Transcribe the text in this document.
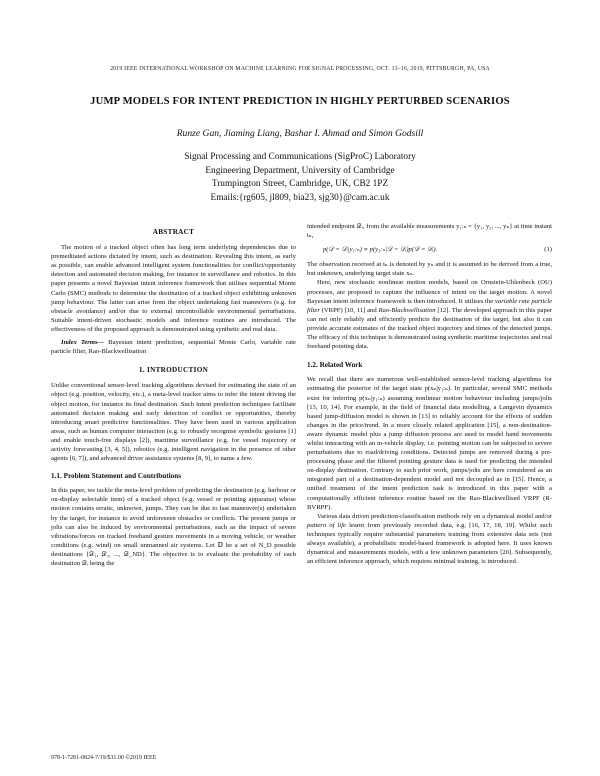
2019 IEEE INTERNATIONAL WORKSHOP ON MACHINE LEARNING FOR SIGNAL PROCESSING, OCT. 13–16, 2019, PITTSBURGH, PA, USA
JUMP MODELS FOR INTENT PREDICTION IN HIGHLY PERTURBED SCENARIOS
Runze Gan, Jiaming Liang, Bashar I. Ahmad and Simon Godsill
Signal Processing and Communications (SigProC) Laboratory
Engineering Department, University of Cambridge
Trumpington Street, Cambridge, UK, CB2 1PZ
Emails:{rg605, jl809, bia23, sjg30}@cam.ac.uk
ABSTRACT

The motion of a tracked object often has long term underlying dependencies due to premeditated actions dictated by intent, such as destination. Revealing this intent, as early as possible, can enable advanced intelligent system functionalities for conflict/opportunity detection and automated decision making, for instance in surveillance and robotics. In this paper presents a novel Bayesian intent inference framework that utilises sequential Monte Carlo (SMC) methods to determine the destination of a tracked object exhibiting unknown jump behaviour. The latter can arise from the object undertaking fast maneuvers (e.g. for obstacle avoidance) and/or due to external uncontrollable environmental perturbations. Suitable intent-driven stochastic models and inference routines are introduced. The effectiveness of the proposed approach is demonstrated using synthetic and real data.

Index Terms— Bayesian intent prediction, sequential Monte Carlo, variable rate particle filter, Rao-Blackwellisation

1. INTRODUCTION

Unlike conventional sensor-level tracking algorithms devised for estimating the state of an object (e.g. position, velocity, etc.), a meta-level tracker aims to infer the intent driving the object motion, for instance its final destination. Such intent prediction techniques facilitate automated decision making and early detection of conflict or opportunities, thereby introducing smart predictive functionalities. They have been used in various application areas, such as human computer interaction (e.g. to robustly recognise symbolic gestures [1] and enable touch-free displays [2]), maritime surveillance (e.g. for vessel trajectory or activity forecasting [3, 4, 5]), robotics (e.g. intelligent navigation in the presence of other agents [6, 7]), and advanced driver assistance systems [8, 9], to name a few.

1.1. Problem Statement and Contributions

In this paper, we tackle the meta-level problem of predicting the destination (e.g. harbour or on-display selectable item) of a tracked object (e.g. vessel or pointing apparatus) whose motion contains erratic, unknown, jumps. They can be due to fast maneuver(s) undertaken by the target, for instance to avoid unforeseen obstacles or conflicts. The present jumps or jolts can also be induced by environmental perturbations, such as the impact of severe vibrations/forces on tracked freehand gesture movements in a moving vehicle, or weather conditions (e.g. wind) on small unmanned air systems. Let 𝔻 be a set of N_D possible destinations {𝒟₁, 𝒟₂, ..., 𝒟_ND}. The objective is to evaluate the probability of each destination 𝒟ᵢ being the

intended endpoint 𝒟ᵢ, from the available measurements y₁:ₙ = {y₁, y₂, ..., yₙ} at time instant tₙ,

p(𝒟 = 𝒟ᵢ|y₁:ₙ) ∝ p(y₁:ₙ|𝒟 = 𝒟ᵢ)p(𝒟 = 𝒟ᵢ).	(1)

The observation received at tₙ is denoted by yₙ and it is assumed to be derived from a true, but unknown, underlying target state xₙ.

Here, new stochastic nonlinear motion models, based on Ornstein-Uhlenbeck (OU) processes, are proposed to capture the influence of intent on the target motion. A novel Bayesian intent inference framework is then introduced. It utilises the variable rate particle filter (VRPF) [10, 11] and Rao-Blackwellisation [12]. The developed approach in this paper can not only reliably and efficiently predicts the destination of the target, but also it can provide accurate estimates of the tracked object trajectory and times of the detected jumps. The efficacy of this technique is demonstrated using synthetic maritime trajectories and real freehand pointing data.

1.2. Related Work

We recall that there are numerous well-established sensor-level tracking algorithms for estimating the posterior of the target state p(xₙ|y₁:ₙ). In particular, several SMC methods exist for inferring p(xₙ|y₁:ₙ) assuming nonlinear motion behaviour including jumps/jolts [13, 10, 14]. For example, in the field of financial data modelling, a Langevin dynamics based jump-diffusion model is shown in [13] to reliably account for the effects of sudden changes in the price/trend. In a more closely related application [15], a non-destination-aware dynamic model plus a jump diffusion process are used to model hand movements whilst interacting with an in-vehicle display, i.e. pointing motion can be subjected to severe perturbations due to road/driving conditions. Detected jumps are removed during a pre-processing phase and the filtered pointing gesture data is used for predicting the intended on-display destination. Contrary to such prior work, jumps/jolts are here considered as an integrated part of a destination-dependent model and not decoupled as in [15]. Hence, a unified treatment of the intent prediction task is introduced in this paper with a computationally efficient inference routine based on the Rao-Blackwellised VRPF (R-BVRPF).

Various data driven prediction-classification methods rely on a dynamical model and/or pattern of life learnt from previously recorded data, e.g. [16, 17, 18, 19]. Whilst such techniques typically require substantial parameters training from extensive data sets (not always available), a probabilistic model-based framework is adopted here. It uses known dynamical and measurements models, with a few unknown parameters [20]. Subsequently, an efficient inference approach, which requires minimal training, is introduced.

978-1-7281-0824-7/19/$31.00 ©2019 IEEE
